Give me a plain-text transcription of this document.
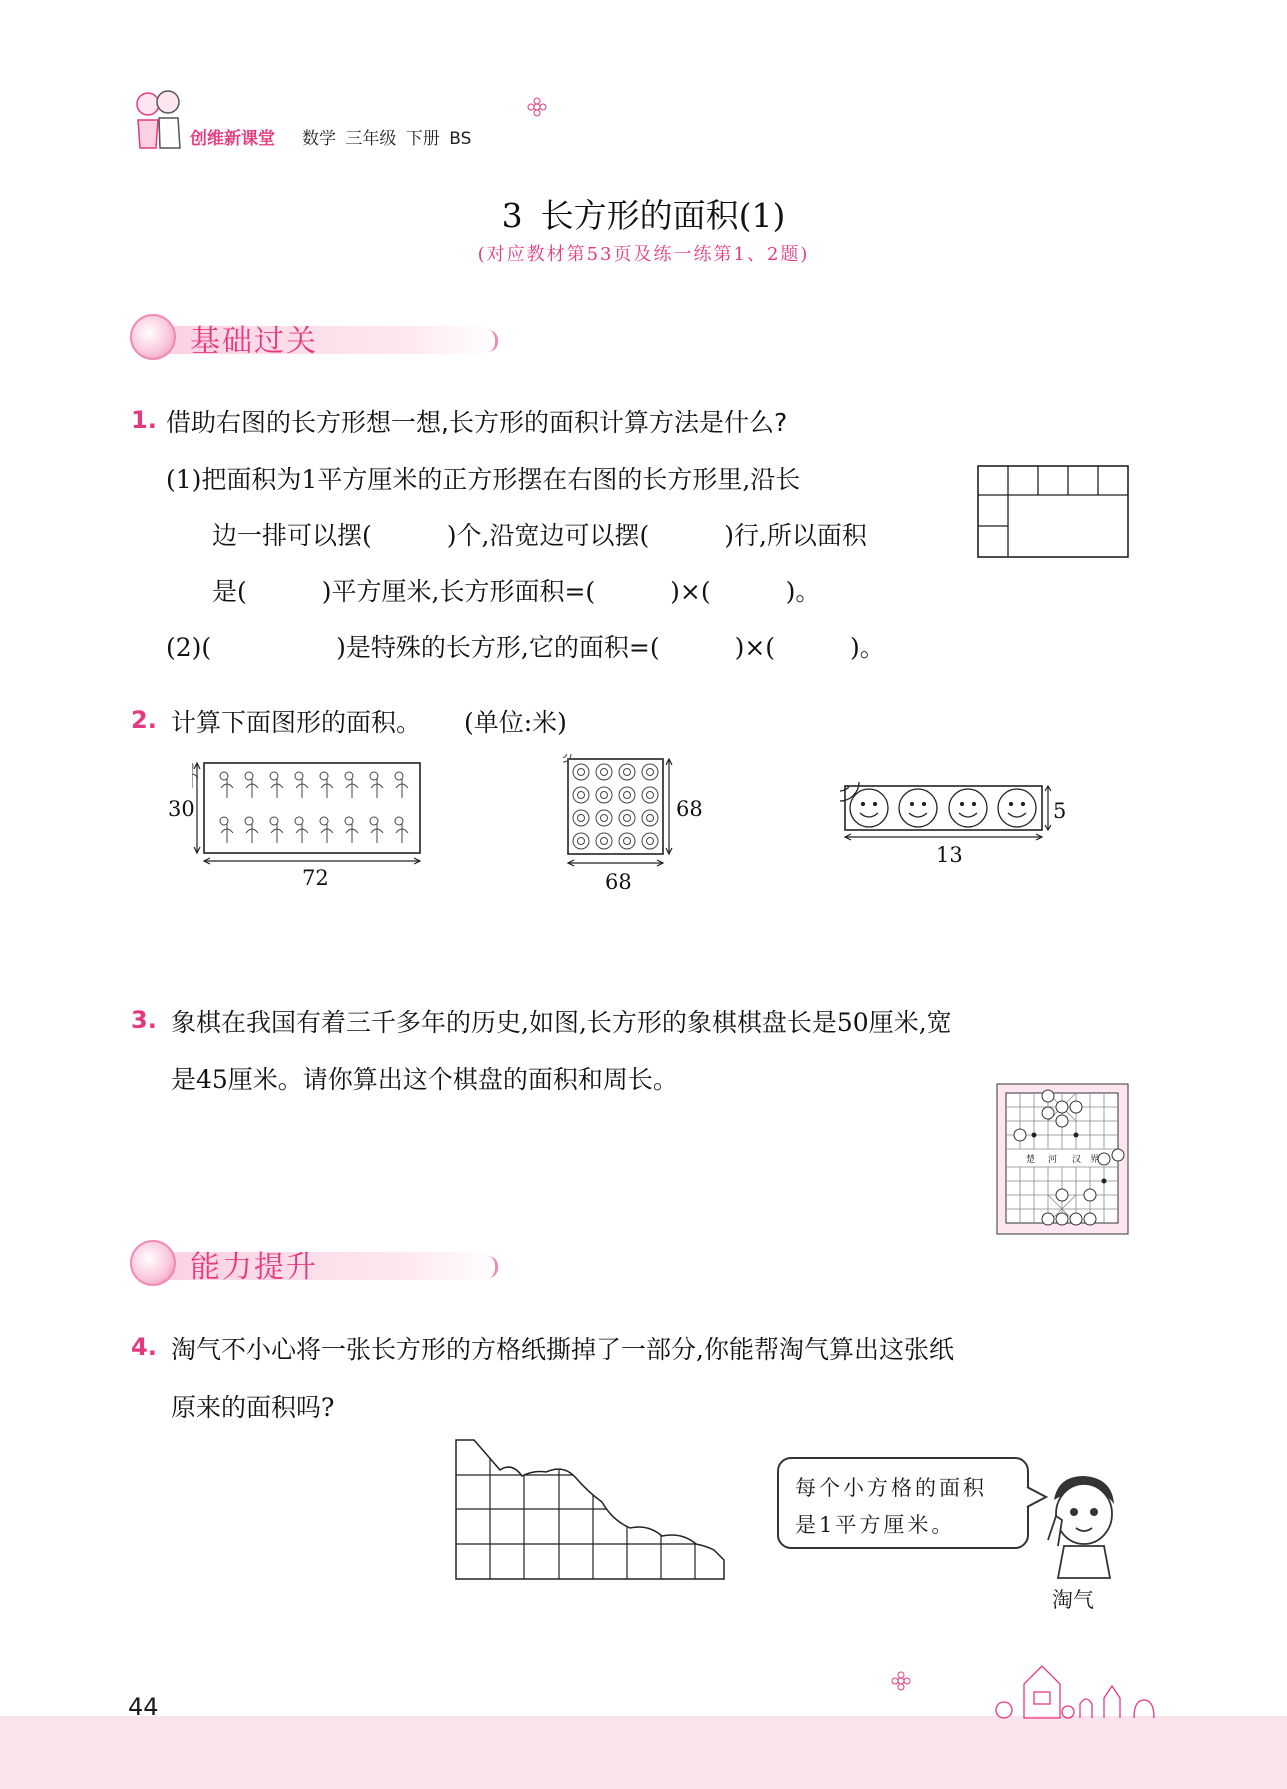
创维新课堂 数学 三年级 下册 BS
3 长方形的面积(1)
(对应教材第53页及练一练第1、2题)
基础过关
1. 借助右图的长方形想一想,长方形的面积计算方法是什么?
(1)把面积为1平方厘米的正方形摆在右图的长方形里,沿长
边一排可以摆(　　　)个,沿宽边可以摆(　　　)行,所以面积
是(　　　)平方厘米,长方形面积=(　　　)×(　　　)。
(2)(　　　　　)是特殊的长方形,它的面积=(　　　)×(　　　)。
2. 计算下面图形的面积。 (单位:米)
30
72
68
68
5
13
3. 象棋在我国有着三千多年的历史,如图,长方形的象棋棋盘长是50厘米,宽
是45厘米。请你算出这个棋盘的面积和周长。
楚 河 汉 界
能力提升
4. 淘气不小心将一张长方形的方格纸撕掉了一部分,你能帮淘气算出这张纸
原来的面积吗?
每个小方格的面积
是1平方厘米。
淘气
44
